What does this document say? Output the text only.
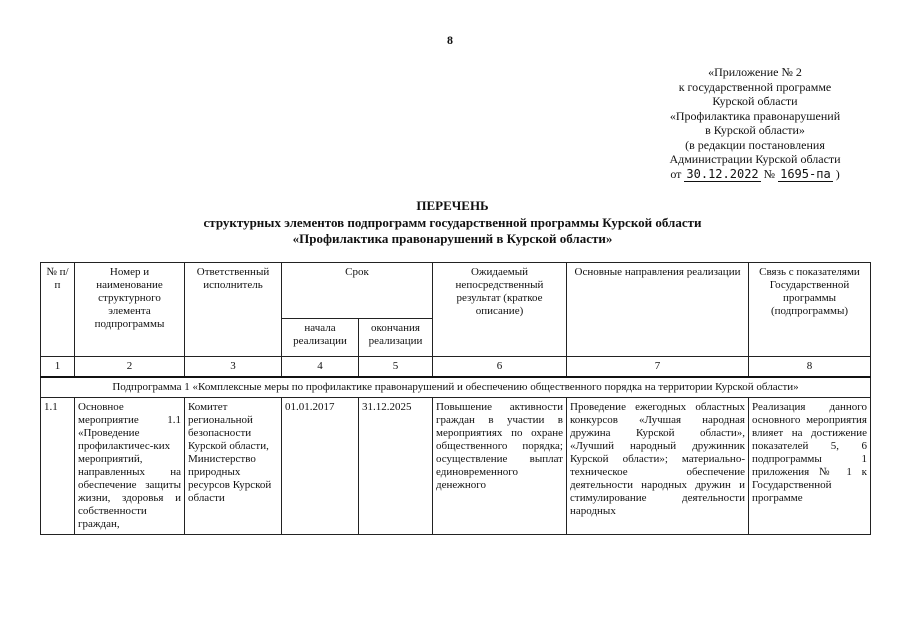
8
«Приложение № 2
к государственной программе
Курской области
«Профилактика правонарушений
в Курской области»
(в редакции постановления
Администрации Курской области
от 30.12.2022 № 1695-па )
ПЕРЕЧЕНЬ
структурных элементов подпрограмм государственной программы Курской области
«Профилактика правонарушений в Курской области»
№ п/п	Номер и наименование структурного элемента подпрограммы	Ответственный исполнитель	Срок		Ожидаемый непосредственный результат (краткое описание)	Основные направления реализации	Связь с показателями Государственной программы (подпрограммы)
			начала реализации	окончания реализации			
1	2	3	4	5	6	7	8
Подпрограмма 1 «Комплексные меры по профилактике правонарушений и обеспечению общественного порядка на территории Курской области»							
1.1	Основное мероприятие 1.1 «Проведение профилактичес-ких мероприятий, направленных на обеспечение защиты жизни, здоровья и собственности граждан,	Комитет региональной безопасности Курской области, Министерство природных ресурсов Курской области	01.01.2017	31.12.2025	Повышение активности граждан в участии в мероприятиях по охране общественного порядка; осуществление выплат единовременного денежного	Проведение ежегодных областных конкурсов «Лучшая народная дружина Курской области», «Лучший народный дружинник Курской области»; материально-техническое обеспечение деятельности народных дружин и стимулирование деятельности народных	Реализация данного основного мероприятия влияет на достижение показателей 5, 6 подпрограммы 1 приложения № 1 к Государственной программе
